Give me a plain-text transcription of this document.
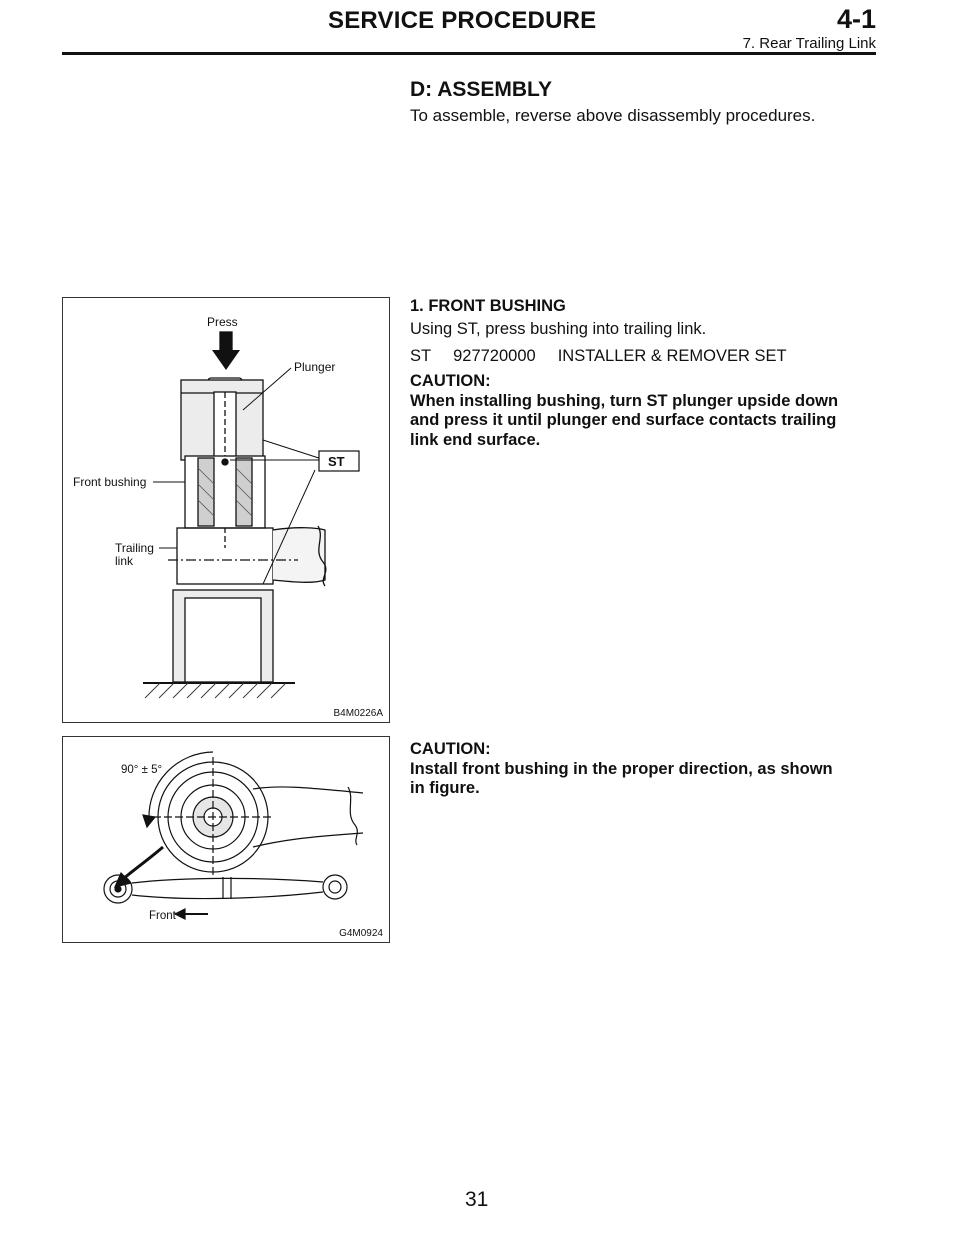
SERVICE PROCEDURE	4-1
7. Rear Trailing Link
D: ASSEMBLY
To assemble, reverse above disassembly procedures.
1. FRONT BUSHING
Using ST, press bushing into trailing link.
ST 927720000 INSTALLER & REMOVER SET
CAUTION:
When installing bushing, turn ST plunger upside down
and press it until plunger end surface contacts trailing
link end surface.
Press
Plunger
ST
Front bushing
Trailing
link
B4M0226A
CAUTION:
Install front bushing in the proper direction, as shown
in figure.
90° ± 5°
Front
G4M0924
31
